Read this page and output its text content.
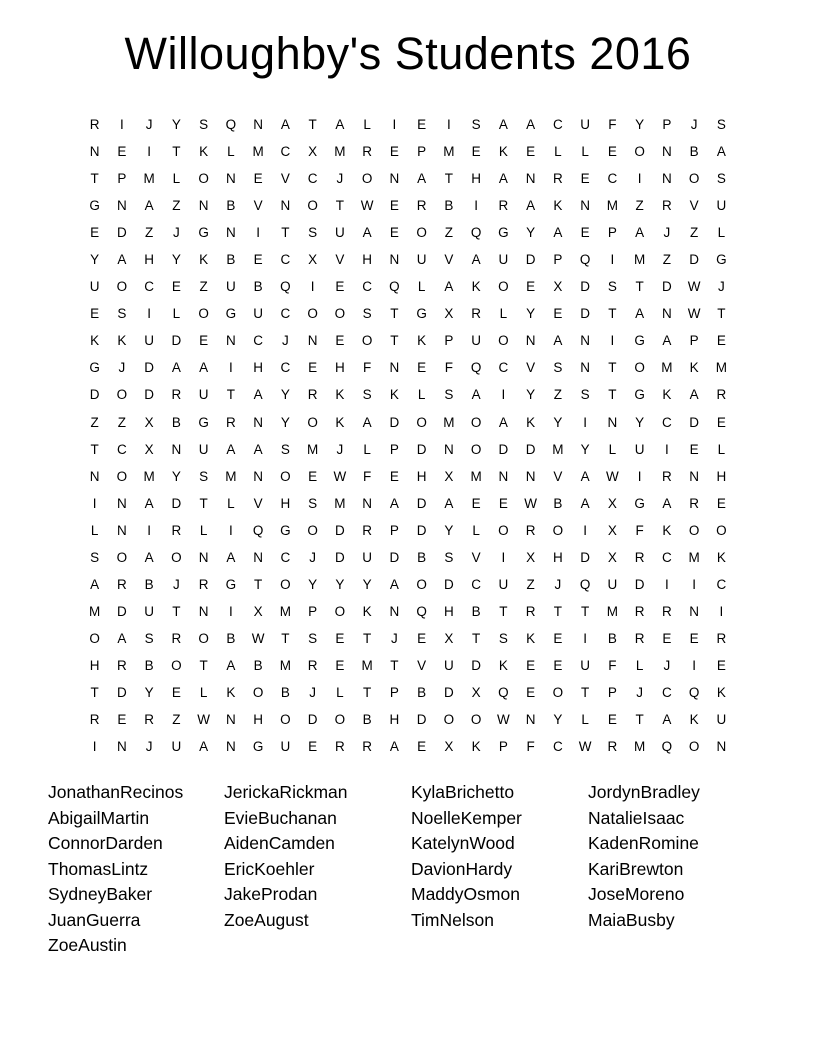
Willoughby's Students 2016
R	I	J	Y	S	Q	N	A	T	A	L	I	E	I	S	A	A	C	U	F	Y	P	J	S
N	E	I	T	K	L	M	C	X	M	R	E	P	M	E	K	E	L	L	E	O	N	B	A
T	P	M	L	O	N	E	V	C	J	O	N	A	T	H	A	N	R	E	C	I	N	O	S
G	N	A	Z	N	B	V	N	O	T	W	E	R	B	I	R	A	K	N	M	Z	R	V	U
E	D	Z	J	G	N	I	T	S	U	A	E	O	Z	Q	G	Y	A	E	P	A	J	Z	L
Y	A	H	Y	K	B	E	C	X	V	H	N	U	V	A	U	D	P	Q	I	M	Z	D	G
U	O	C	E	Z	U	B	Q	I	E	C	Q	L	A	K	O	E	X	D	S	T	D	W	J
E	S	I	L	O	G	U	C	O	O	S	T	G	X	R	L	Y	E	D	T	A	N	W	T
K	K	U	D	E	N	C	J	N	E	O	T	K	P	U	O	N	A	N	I	G	A	P	E
G	J	D	A	A	I	H	C	E	H	F	N	E	F	Q	C	V	S	N	T	O	M	K	M
D	O	D	R	U	T	A	Y	R	K	S	K	L	S	A	I	Y	Z	S	T	G	K	A	R
Z	Z	X	B	G	R	N	Y	O	K	A	D	O	M	O	A	K	Y	I	N	Y	C	D	E
T	C	X	N	U	A	A	S	M	J	L	P	D	N	O	D	D	M	Y	L	U	I	E	L
N	O	M	Y	S	M	N	O	E	W	F	E	H	X	M	N	N	V	A	W	I	R	N	H
I	N	A	D	T	L	V	H	S	M	N	A	D	A	E	E	W	B	A	X	G	A	R	E
L	N	I	R	L	I	Q	G	O	D	R	P	D	Y	L	O	R	O	I	X	F	K	O	O
S	O	A	O	N	A	N	C	J	D	U	D	B	S	V	I	X	H	D	X	R	C	M	K
A	R	B	J	R	G	T	O	Y	Y	Y	A	O	D	C	U	Z	J	Q	U	D	I	I	C
M	D	U	T	N	I	X	M	P	O	K	N	Q	H	B	T	R	T	T	M	R	R	N	I
O	A	S	R	O	B	W	T	S	E	T	J	E	X	T	S	K	E	I	B	R	E	E	R
H	R	B	O	T	A	B	M	R	E	M	T	V	U	D	K	E	E	U	F	L	J	I	E
T	D	Y	E	L	K	O	B	J	L	T	P	B	D	X	Q	E	O	T	P	J	C	Q	K
R	E	R	Z	W	N	H	O	D	O	B	H	D	O	O	W	N	Y	L	E	T	A	K	U
I	N	J	U	A	N	G	U	E	R	R	A	E	X	K	P	F	C	W	R	M	Q	O	N
JonathanRecinos
AbigailMartin
ConnorDarden
ThomasLintz
SydneyBaker
JuanGuerra
ZoeAustin
JerickaRickman
EvieBuchanan
AidenCamden
EricKoehler
JakeProdan
ZoeAugust
KylaBrichetto
NoelleKemper
KatelynWood
DavionHardy
MaddyOsmon
TimNelson
JordynBradley
NatalieIsaac
KadenRomine
KariBrewton
JoseMoreno
MaiaBusby
